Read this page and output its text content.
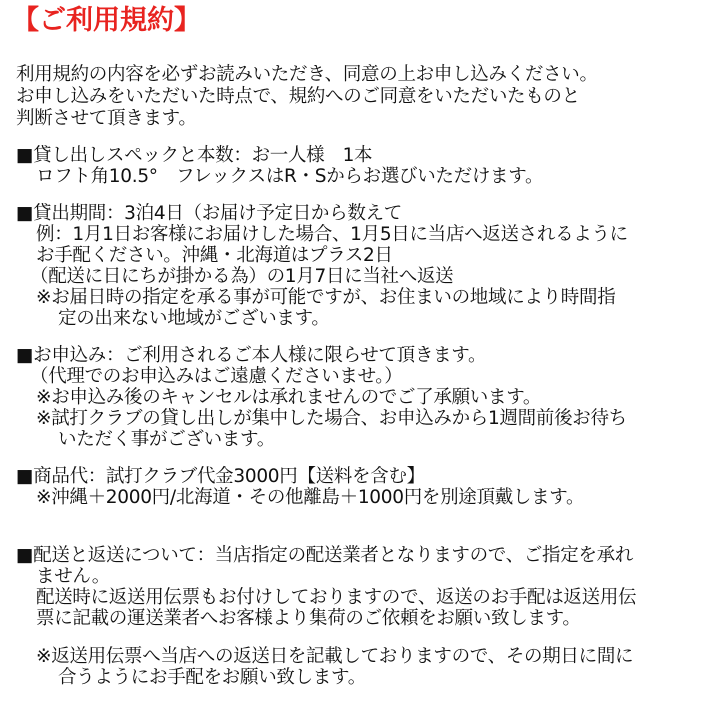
【ご利用規約】
利用規約の内容を必ずお読みいただき、同意の上お申し込みください。
お申し込みをいただいた時点で、規約へのご同意をいただいたものと
判断させて頂きます。
■貸し出しスペックと本数：お一人様　1本
ロフト角10.5°　フレックスはR・Sからお選びいただけます。
■貸出期間：3泊4日（お届け予定日から数えて
例：1月1日お客様にお届けした場合、1月5日に当店へ返送されるように
お手配ください。沖縄・北海道はプラス2日
（配送に日にちが掛かる為）の1月7日に当社へ返送
※お届日時の指定を承る事が可能ですが、お住まいの地域により時間指
定の出来ない地域がございます。
■お申込み：ご利用されるご本人様に限らせて頂きます。
（代理でのお申込みはご遠慮くださいませ。）
※お申込み後のキャンセルは承れませんのでご了承願います。
※試打クラブの貸し出しが集中した場合、お申込みから1週間前後お待ち
いただく事がございます。
■商品代：試打クラブ代金3000円【送料を含む】
※沖縄＋2000円/北海道・その他離島＋1000円を別途頂戴します。
■配送と返送について：当店指定の配送業者となりますので、ご指定を承れ
ません。
配送時に返送用伝票もお付けしておりますので、返送のお手配は返送用伝
票に記載の運送業者へお客様より集荷のご依頼をお願い致します。
※返送用伝票へ当店への返送日を記載しておりますので、その期日に間に
合うようにお手配をお願い致します。
